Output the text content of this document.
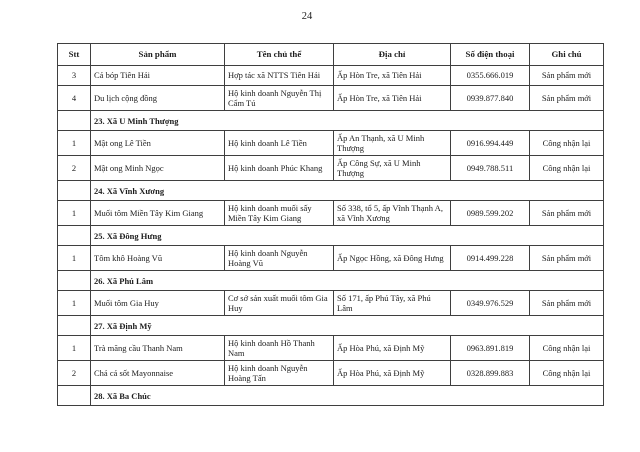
24
Stt	Sản phẩm	Tên chủ thể	Địa chỉ	Số điện thoại	Ghi chú
3	Cá bóp Tiên Hải	Hợp tác xã NTTS Tiên Hải	Ấp Hòn Tre, xã Tiên Hải	0355.666.019	Sản phẩm mới
4	Du lịch cộng đồng	Hộ kinh doanh Nguyễn Thị Cẩm Tú	Ấp Hòn Tre, xã Tiên Hải	0939.877.840	Sản phẩm mới
	23. Xã U Minh Thượng				
1	Mật ong Lê Tiền	Hộ kinh doanh Lê Tiền	Ấp An Thạnh, xã U Minh Thượng	0916.994.449	Công nhận lại
2	Mật ong Minh Ngọc	Hộ kinh doanh Phúc Khang	Ấp Công Sự, xã U Minh Thượng	0949.788.511	Công nhận lại
	24. Xã Vĩnh Xương				
1	Muối tôm Miền Tây Kim Giang	Hộ kinh doanh muối sấy Miền Tây Kim Giang	Số 338, tổ 5, ấp Vĩnh Thạnh A, xã Vĩnh Xương	0989.599.202	Sản phẩm mới
	25. Xã Đông Hưng				
1	Tôm khô Hoàng Vũ	Hộ kinh doanh Nguyễn Hoàng Vũ	Ấp Ngọc Hồng, xã Đông Hưng	0914.499.228	Sản phẩm mới
	26. Xã Phú Lâm				
1	Muối tôm Gia Huy	Cơ sở sản xuất muối tôm Gia Huy	Số 171, ấp Phú Tây, xã Phú Lâm	0349.976.529	Sản phẩm mới
	27. Xã Định Mỹ				
1	Trà mãng cầu Thanh Nam	Hộ kinh doanh Hồ Thanh Nam	Ấp Hòa Phú, xã Định Mỹ	0963.891.819	Công nhận lại
2	Chả cá sốt Mayonnaise	Hộ kinh doanh Nguyễn Hoàng Tấn	Ấp Hòa Phú, xã Định Mỹ	0328.899.883	Công nhận lại
	28. Xã Ba Chúc				
